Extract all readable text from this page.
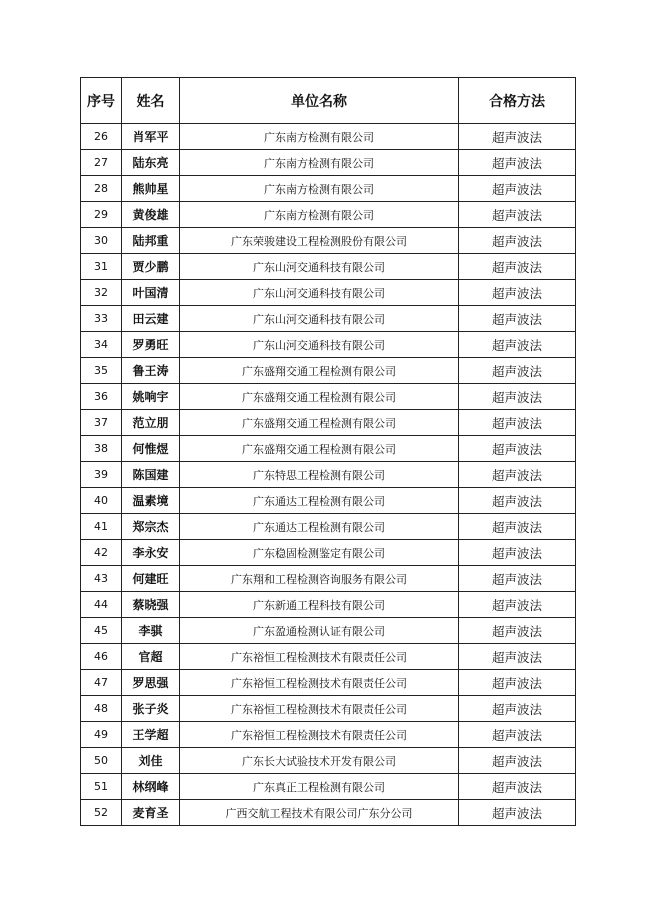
序号	姓名	单位名称	合格方法
26	肖军平	广东南方检测有限公司	超声波法
27	陆东亮	广东南方检测有限公司	超声波法
28	熊帅星	广东南方检测有限公司	超声波法
29	黄俊雄	广东南方检测有限公司	超声波法
30	陆邦重	广东荣骏建设工程检测股份有限公司	超声波法
31	贾少鹏	广东山河交通科技有限公司	超声波法
32	叶国清	广东山河交通科技有限公司	超声波法
33	田云建	广东山河交通科技有限公司	超声波法
34	罗勇旺	广东山河交通科技有限公司	超声波法
35	鲁王涛	广东盛翔交通工程检测有限公司	超声波法
36	姚响宇	广东盛翔交通工程检测有限公司	超声波法
37	范立朋	广东盛翔交通工程检测有限公司	超声波法
38	何惟煜	广东盛翔交通工程检测有限公司	超声波法
39	陈国建	广东特思工程检测有限公司	超声波法
40	温素境	广东通达工程检测有限公司	超声波法
41	郑宗杰	广东通达工程检测有限公司	超声波法
42	李永安	广东稳固检测鉴定有限公司	超声波法
43	何建旺	广东翔和工程检测咨询服务有限公司	超声波法
44	蔡晓强	广东新通工程科技有限公司	超声波法
45	李骐	广东盈通检测认证有限公司	超声波法
46	官超	广东裕恒工程检测技术有限责任公司	超声波法
47	罗思强	广东裕恒工程检测技术有限责任公司	超声波法
48	张子炎	广东裕恒工程检测技术有限责任公司	超声波法
49	王学超	广东裕恒工程检测技术有限责任公司	超声波法
50	刘佳	广东长大试验技术开发有限公司	超声波法
51	林纲峰	广东真正工程检测有限公司	超声波法
52	麦育圣	广西交航工程技术有限公司广东分公司	超声波法
